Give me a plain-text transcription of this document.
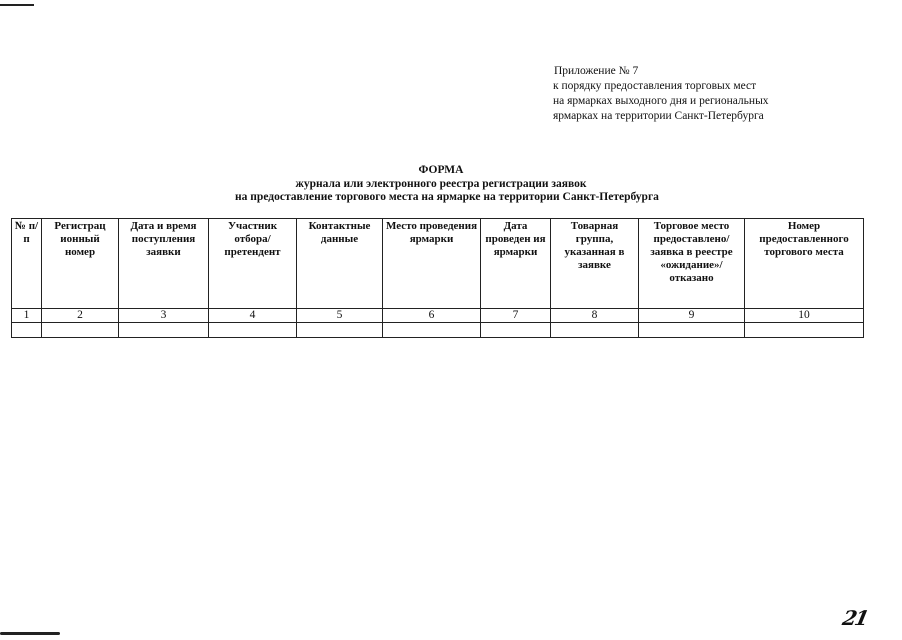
Приложение № 7
к порядку предоставления торговых мест
на ярмарках выходного дня и региональных
ярмарках на территории Санкт-Петербурга
ФОРМА
журнала или электронного реестра регистрации заявок
на предоставление торгового места на ярмарке на территории Санкт-Петербурга
№ п/п	Регистрац ионный номер	Дата и время поступления заявки	Участник отбора/ претендент	Контактные данные	Место проведения ярмарки	Дата проведен ия ярмарки	Товарная группа, указанная в заявке	Торговое место предоставлено/ заявка в реестре «ожидание»/ отказано	Номер предоставленного торгового места
1	2	3	4	5	6	7	8	9	10

21
